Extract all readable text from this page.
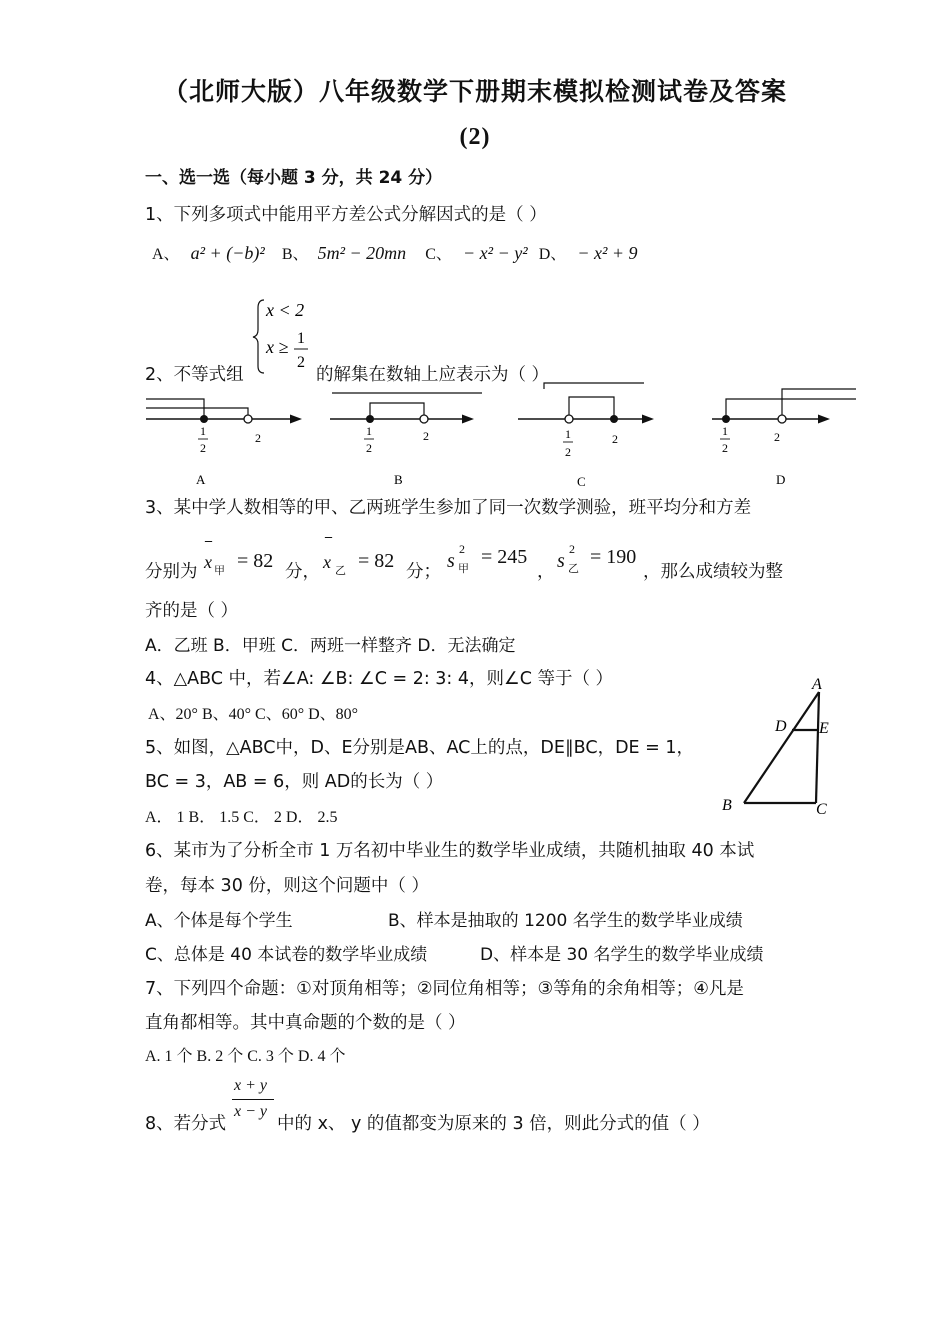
（北师大版）八年级数学下册期末模拟检测试卷及答案
(2)
一、选一选（每小题 3 分，共 24 分）
1、下列多项式中能用平方差公式分解因式的是（ ）
A、 a² + (−b)² B、 5m² − 20mn C、 − x² − y² D、 − x² + 9
2、不等式组
x < 2
x ≥ 1
2
的解集在数轴上应表示为（ ）
1
2
2	1
2
2	1
2
2
1
2
2
A	B	C	D
3、某中学人数相等的甲、乙两班学生参加了同一次数学测验，班平均分和方差
分别为 x
‾
甲 = 82 分， x
‾
乙 = 82 分； s
2
甲
= 245
， s
2
乙
= 190
，那么成绩较为整
齐的是（ ）
A．乙班 B．甲班 C．两班一样整齐 D．无法确定
4、△ABC 中，若∠A: ∠B: ∠C = 2: 3: 4，则∠C 等于（ ）
A、20° B、40° C、60° D、80°
5、如图，△ABC中，D、E分别是AB、AC上的点，DE∥BC，DE = 1，
BC = 3，AB = 6，则 AD的长为（ ）
A． 1 B． 1.5 C． 2 D． 2.5
A
D E
B	C
6、某市为了分析全市 1 万名初中毕业生的数学毕业成绩，共随机抽取 40 本试
卷，每本 30 份，则这个问题中（ ）
A、个体是每个学生	B、样本是抽取的 1200 名学生的数学毕业成绩
C、总体是 40 本试卷的数学毕业成绩	D、样本是 30 名学生的数学毕业成绩
7、下列四个命题：①对顶角相等；②同位角相等；③等角的余角相等；④凡是
直角都相等。其中真命题的个数的是（ ）
A. 1 个 B. 2 个 C. 3 个 D. 4 个
8、若分式
x + y
x − y
中的 x、 y 的值都变为原来的 3 倍，则此分式的值（ ）
